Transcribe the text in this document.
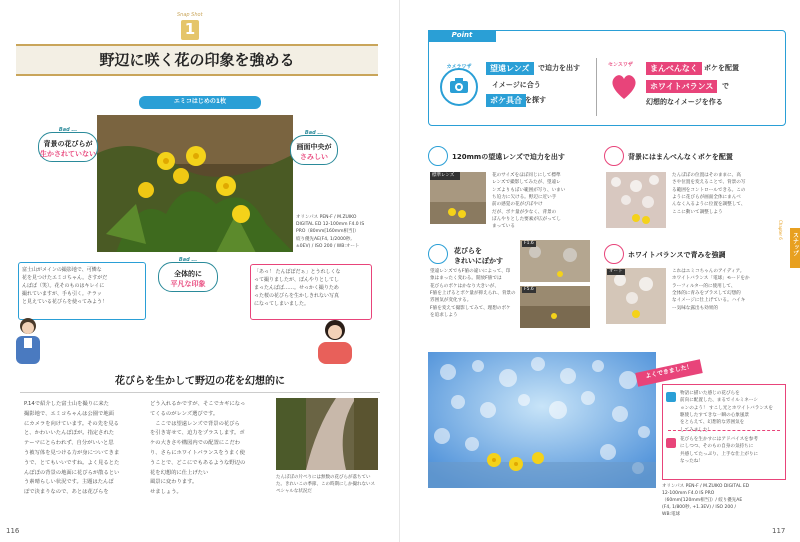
Snap Shot
1
野辺に咲く花の印象を強める
エミコはじめの1枚
オリンパス PEN-F / M.ZUIKO
DIGITAL ED 12-100mm F4.0 IS
PRO（80mm[160mm相当]）
絞り優先AE(F4, 1/2000秒,
±0EV) / ISO 200 / WB:オート
Bad ...
背景の花びらが
生かされていない
Bad ...
画面中央が
さみしい
Bad ...
全体的に
平凡な印象
富士山がメインの撮影地で、可憐な
花を見つけたエミコちゃん。さすがだ
んばば（笑）。花そのものはキレイに
撮れていますが、手も引く。チラッ
と見えている花びらを使ってみよう！
「あっ！ たんぽぽだぁ」とうれしくな
って撮りましたが、ぼんやりとしてし
まったんばば……。せっかく撮りため
った桜の花びらを生かしきれない写真
になってしまいました。
花びらを生かして野辺の花を幻想的に
P.14で紹介した富士山を撮りに来た
撮影地で、エミコちゃんは公園で地面
にカメラを向けています。その先を見る
と、かわいいたんぽぽが。指定された
テーマにとらわれず、自分がいいと思
う被写体を見つける力が身についてきま
うで、とてもいいですね。よく見るとた
んぽぽの背景の地面に花びらが散るとい
う素晴らしい状況です。主題はたんぽ
ぽで決まりなので、あとは花びらを
どう入れるかですが、そこでカギになっ
てくるのがレンズ選びです。
　ここでは望遠レンズで背景の花びら
を引き寄せて、迫力をプラスします。ボ
ケの大きさや構図内での配置にこだわ
り、さらにホワイトバランスをうまく使
うことで、どこにでもあるような野辺の
花を幻想的に仕上げたい
風景に変わります。
せましょう。
たんぽぽの片ぺりには無数の花びらが落ちてい
た。きれいこの季節、この時期にしか撮れないス
ペシャルな状況だ
116
Point
カメラワザ	望遠レンズ	で迫力を出す
イメージに合う
ボケ具合 を探す
センスワザ	まんべんなく ボケを配置
ホワイトバランス	で
幻想的なイメージを作る
120mmの望遠レンズで迫力を出す
標準レンズ	花のサイズをほぼ同じにして標準
レンズで撮影してみたが、望遠レ
ンズよりもぼい範囲が写り、いまい
ち迫力に欠ける。野辺に近い手
前の感覚の花がびぼやけ
だが、ボケ量が少なく、背景の
ぼんやりとした要素が広がってし
まっている
背景にはまんべんなくボケを配置
たんぽぽの位置はそのままに、高
さや位置を変えることで、背景の写
る範囲をコントロールできる。この
ように花びらが画面全体にまんべ
んなく入るように位置を調整して、
ここに動いて調整しよう
花びらを
きれいにぼかす
F1.6
F5.6
望遠レンズでもF値の違いによって、印
象はまったく変わる。開放F値では
花びらのボケはかなり大きいが、
F値を上げるとボケ量が抑えられ、背景の
雰囲気が変化する。
F値を変えて撮影してみて、理想のボケ
を追求しよう
ホワイトバランスで青みを強調
オート	これはエミコちゃんのアイディア。
ホワイトバランス「電球」モードをか
ラーフィルター的に使用して、
全体的に青みをプラスして幻想的
なイメージに仕上げている。ハイキ
ー気味な露出も効果的
Chapter 6
スナップ
よくできました！
物語に描いた感じの花びらを
前向に配置した、まるでイルミネーシ
ョンのよう！ すこし光とホワイトバランスを
駆使したすてきな一瞬の心象風景
をとらえて、幻想的な雰囲気を
してみました！
花びらを生かすにはアドバイスを参考
にしつつ、そのもの自身の気持ちに
共感してたっぷり、上手な仕上がりに
なったね！
オリンパス PEN-F / M.ZUIKO DIGITAL ED
12-100mm F4.0 IS PRO
（60mm[120mm相当]）/ 絞り優先AE
(F4, 1/800秒, +1.3EV) / ISO 200 /
WB:電球
117
